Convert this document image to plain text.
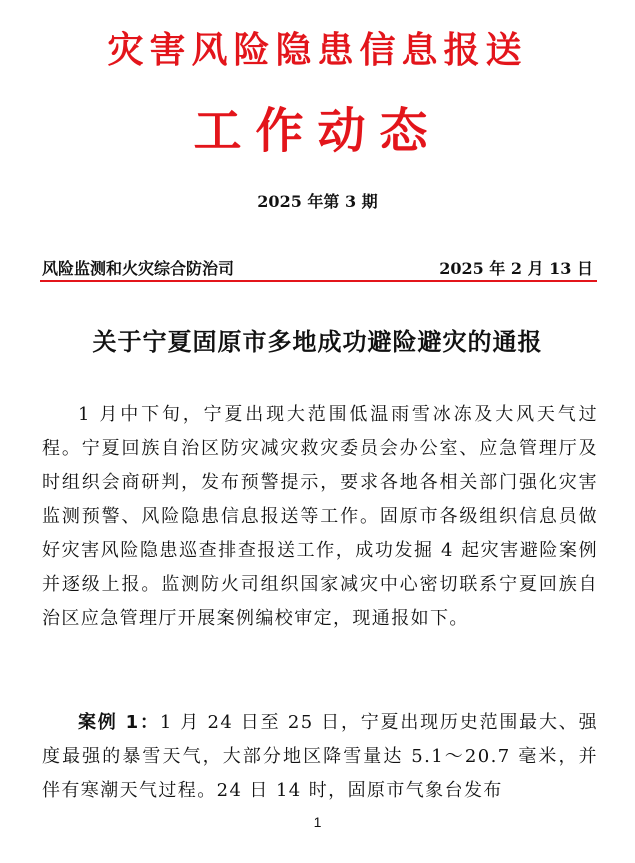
灾害风险隐患信息报送
工作动态
2025 年第 3 期
风险监测和火灾综合防治司	2025 年 2 月 13 日
关于宁夏固原市多地成功避险避灾的通报

1 月中下旬，宁夏出现大范围低温雨雪冰冻及大风天气过程。宁夏回族自治区防灾减灾救灾委员会办公室、应急管理厅及时组织会商研判，发布预警提示，要求各地各相关部门强化灾害监测预警、风险隐患信息报送等工作。固原市各级组织信息员做好灾害风险隐患巡查排查报送工作，成功发掘 4 起灾害避险案例并逐级上报。监测防火司组织国家减灾中心密切联系宁夏回族自治区应急管理厅开展案例编校审定，现通报如下。

案例 1：1 月 24 日至 25 日，宁夏出现历史范围最大、强度最强的暴雪天气，大部分地区降雪量达 5.1～20.7 毫米，并伴有寒潮天气过程。24 日 14 时，固原市气象台发布

1
